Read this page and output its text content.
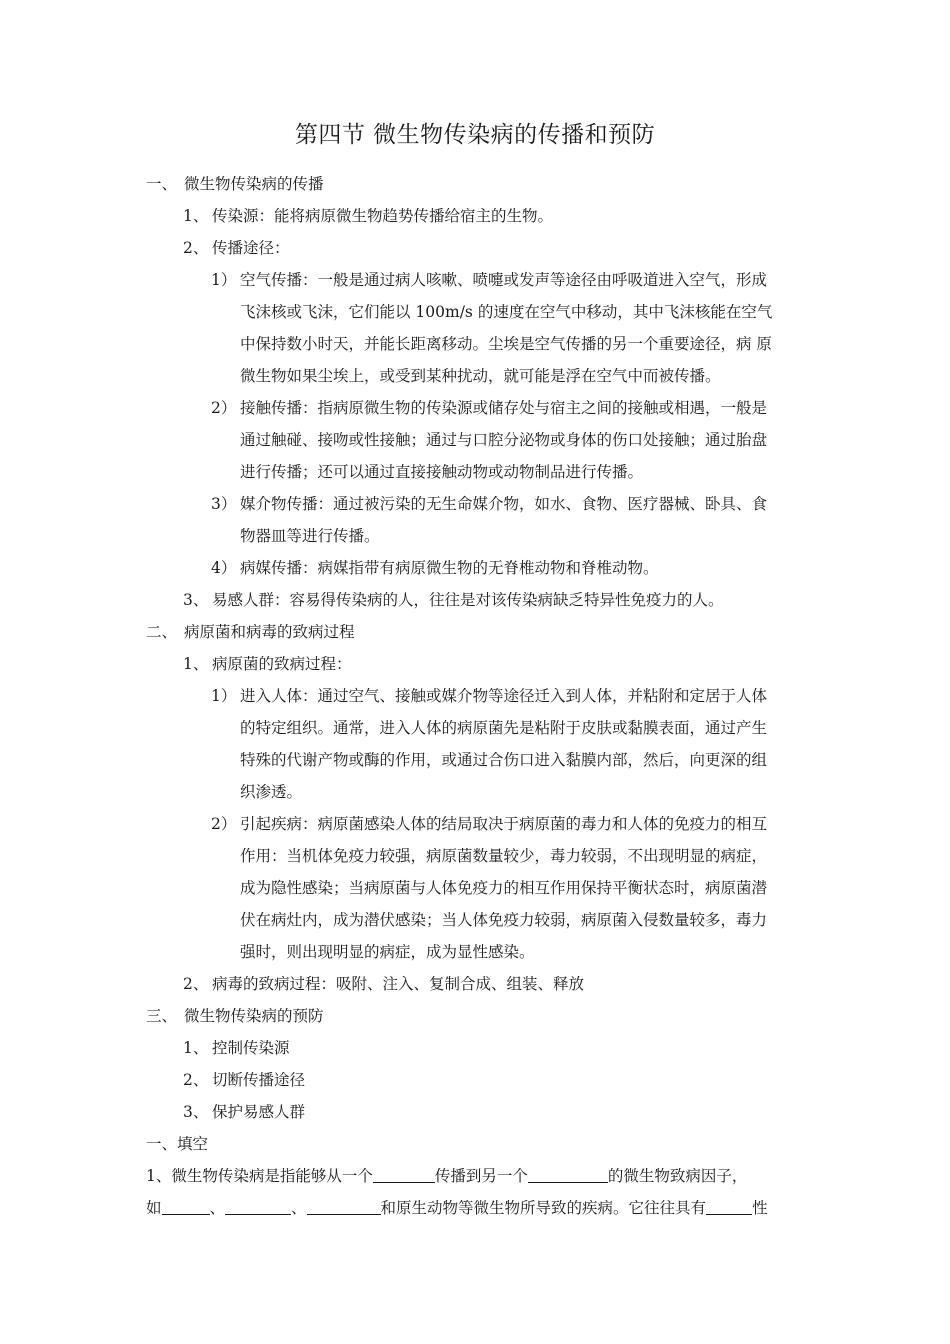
第四节 微生物传染病的传播和预防
一、 微生物传染病的传播
1、 传染源：能将病原微生物趋势传播给宿主的生物。
2、 传播途径：
1） 空气传播：一般是通过病人咳嗽、喷嚏或发声等途径由呼吸道进入空气，形成
飞沫核或飞沫，它们能以 100m/s 的速度在空气中移动，其中飞沫核能在空气
中保持数小时天，并能长距离移动。尘埃是空气传播的另一个重要途径，病 原
微生物如果尘埃上，或受到某种扰动，就可能是浮在空气中而被传播。
2） 接触传播：指病原微生物的传染源或储存处与宿主之间的接触或相遇，一般是
通过触碰、接吻或性接触；通过与口腔分泌物或身体的伤口处接触；通过胎盘
进行传播；还可以通过直接接触动物或动物制品进行传播。
3） 媒介物传播：通过被污染的无生命媒介物，如水、食物、医疗器械、卧具、食
物器皿等进行传播。
4） 病媒传播：病媒指带有病原微生物的无脊椎动物和脊椎动物。
3、 易感人群：容易得传染病的人，往往是对该传染病缺乏特异性免疫力的人。
二、 病原菌和病毒的致病过程
1、 病原菌的致病过程：
1） 进入人体：通过空气、接触或媒介物等途径迁入到人体，并粘附和定居于人体
的特定组织。通常，进入人体的病原菌先是粘附于皮肤或黏膜表面，通过产生
特殊的代谢产物或酶的作用，或通过合伤口进入黏膜内部，然后，向更深的组
织渗透。
2） 引起疾病：病原菌感染人体的结局取决于病原菌的毒力和人体的免疫力的相互
作用：当机体免疫力较强，病原菌数量较少，毒力较弱，不出现明显的病症，
成为隐性感染；当病原菌与人体免疫力的相互作用保持平衡状态时，病原菌潜
伏在病灶内，成为潜伏感染；当人体免疫力较弱，病原菌入侵数量较多，毒力
强时，则出现明显的病症，成为显性感染。
2、 病毒的致病过程：吸附、注入、复制合成、组装、释放
三、 微生物传染病的预防
1、 控制传染源
2、 切断传播途径
3、 保护易感人群
一、填空
1、微生物传染病是指能够从一个	传播到另一个	的微生物致病因子，
如	、	、	和原生动物等微生物所导致的疾病。它往往具有	性
